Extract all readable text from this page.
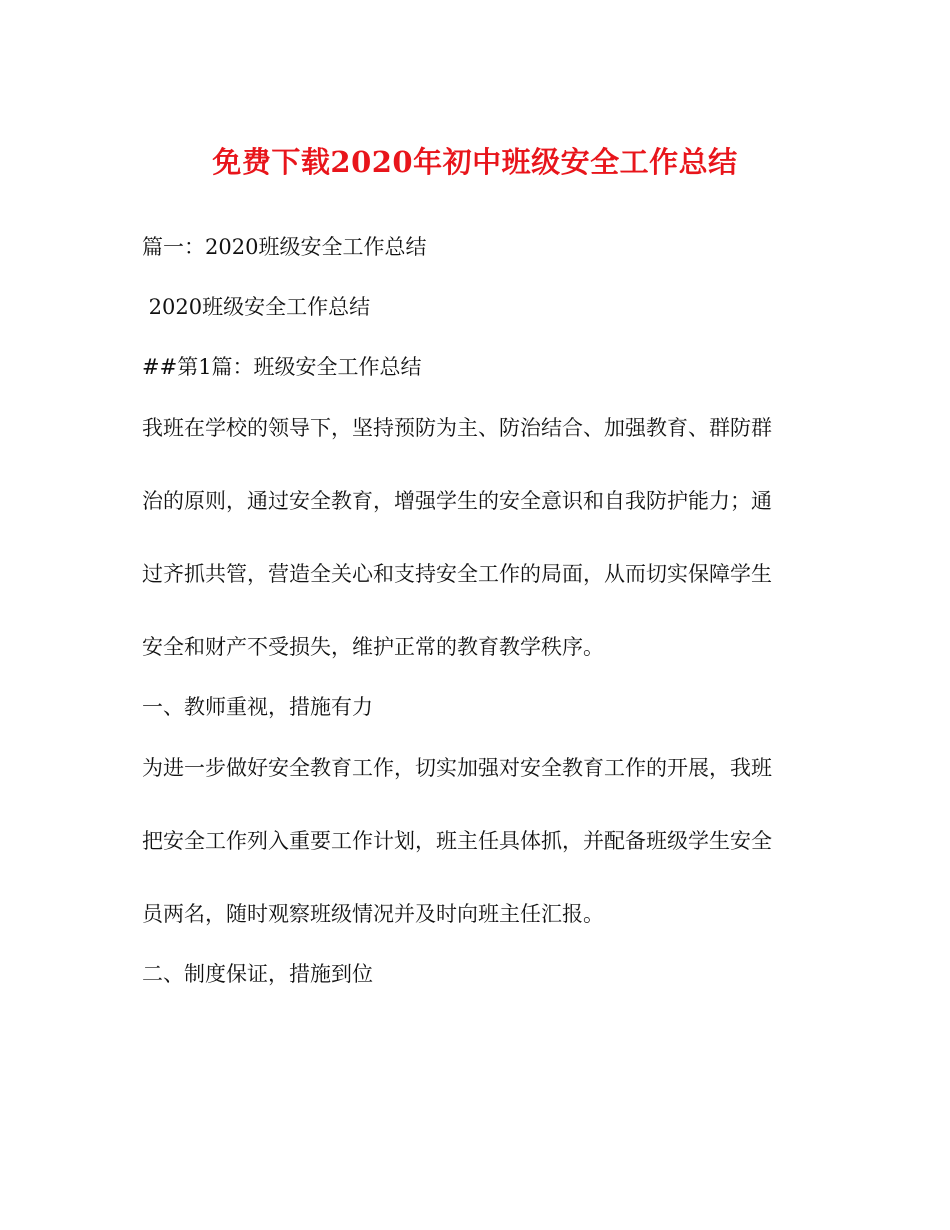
免费下载2020年初中班级安全工作总结

篇一：2020班级安全工作总结

2020班级安全工作总结

##第1篇：班级安全工作总结

我班在学校的领导下，坚持预防为主、防治结合、加强教育、群防群

治的原则，通过安全教育，增强学生的安全意识和自我防护能力；通

过齐抓共管，营造全关心和支持安全工作的局面，从而切实保障学生

安全和财产不受损失，维护正常的教育教学秩序。

一、教师重视，措施有力

为进一步做好安全教育工作，切实加强对安全教育工作的开展，我班

把安全工作列入重要工作计划，班主任具体抓，并配备班级学生安全

员两名，随时观察班级情况并及时向班主任汇报。

二、制度保证，措施到位
